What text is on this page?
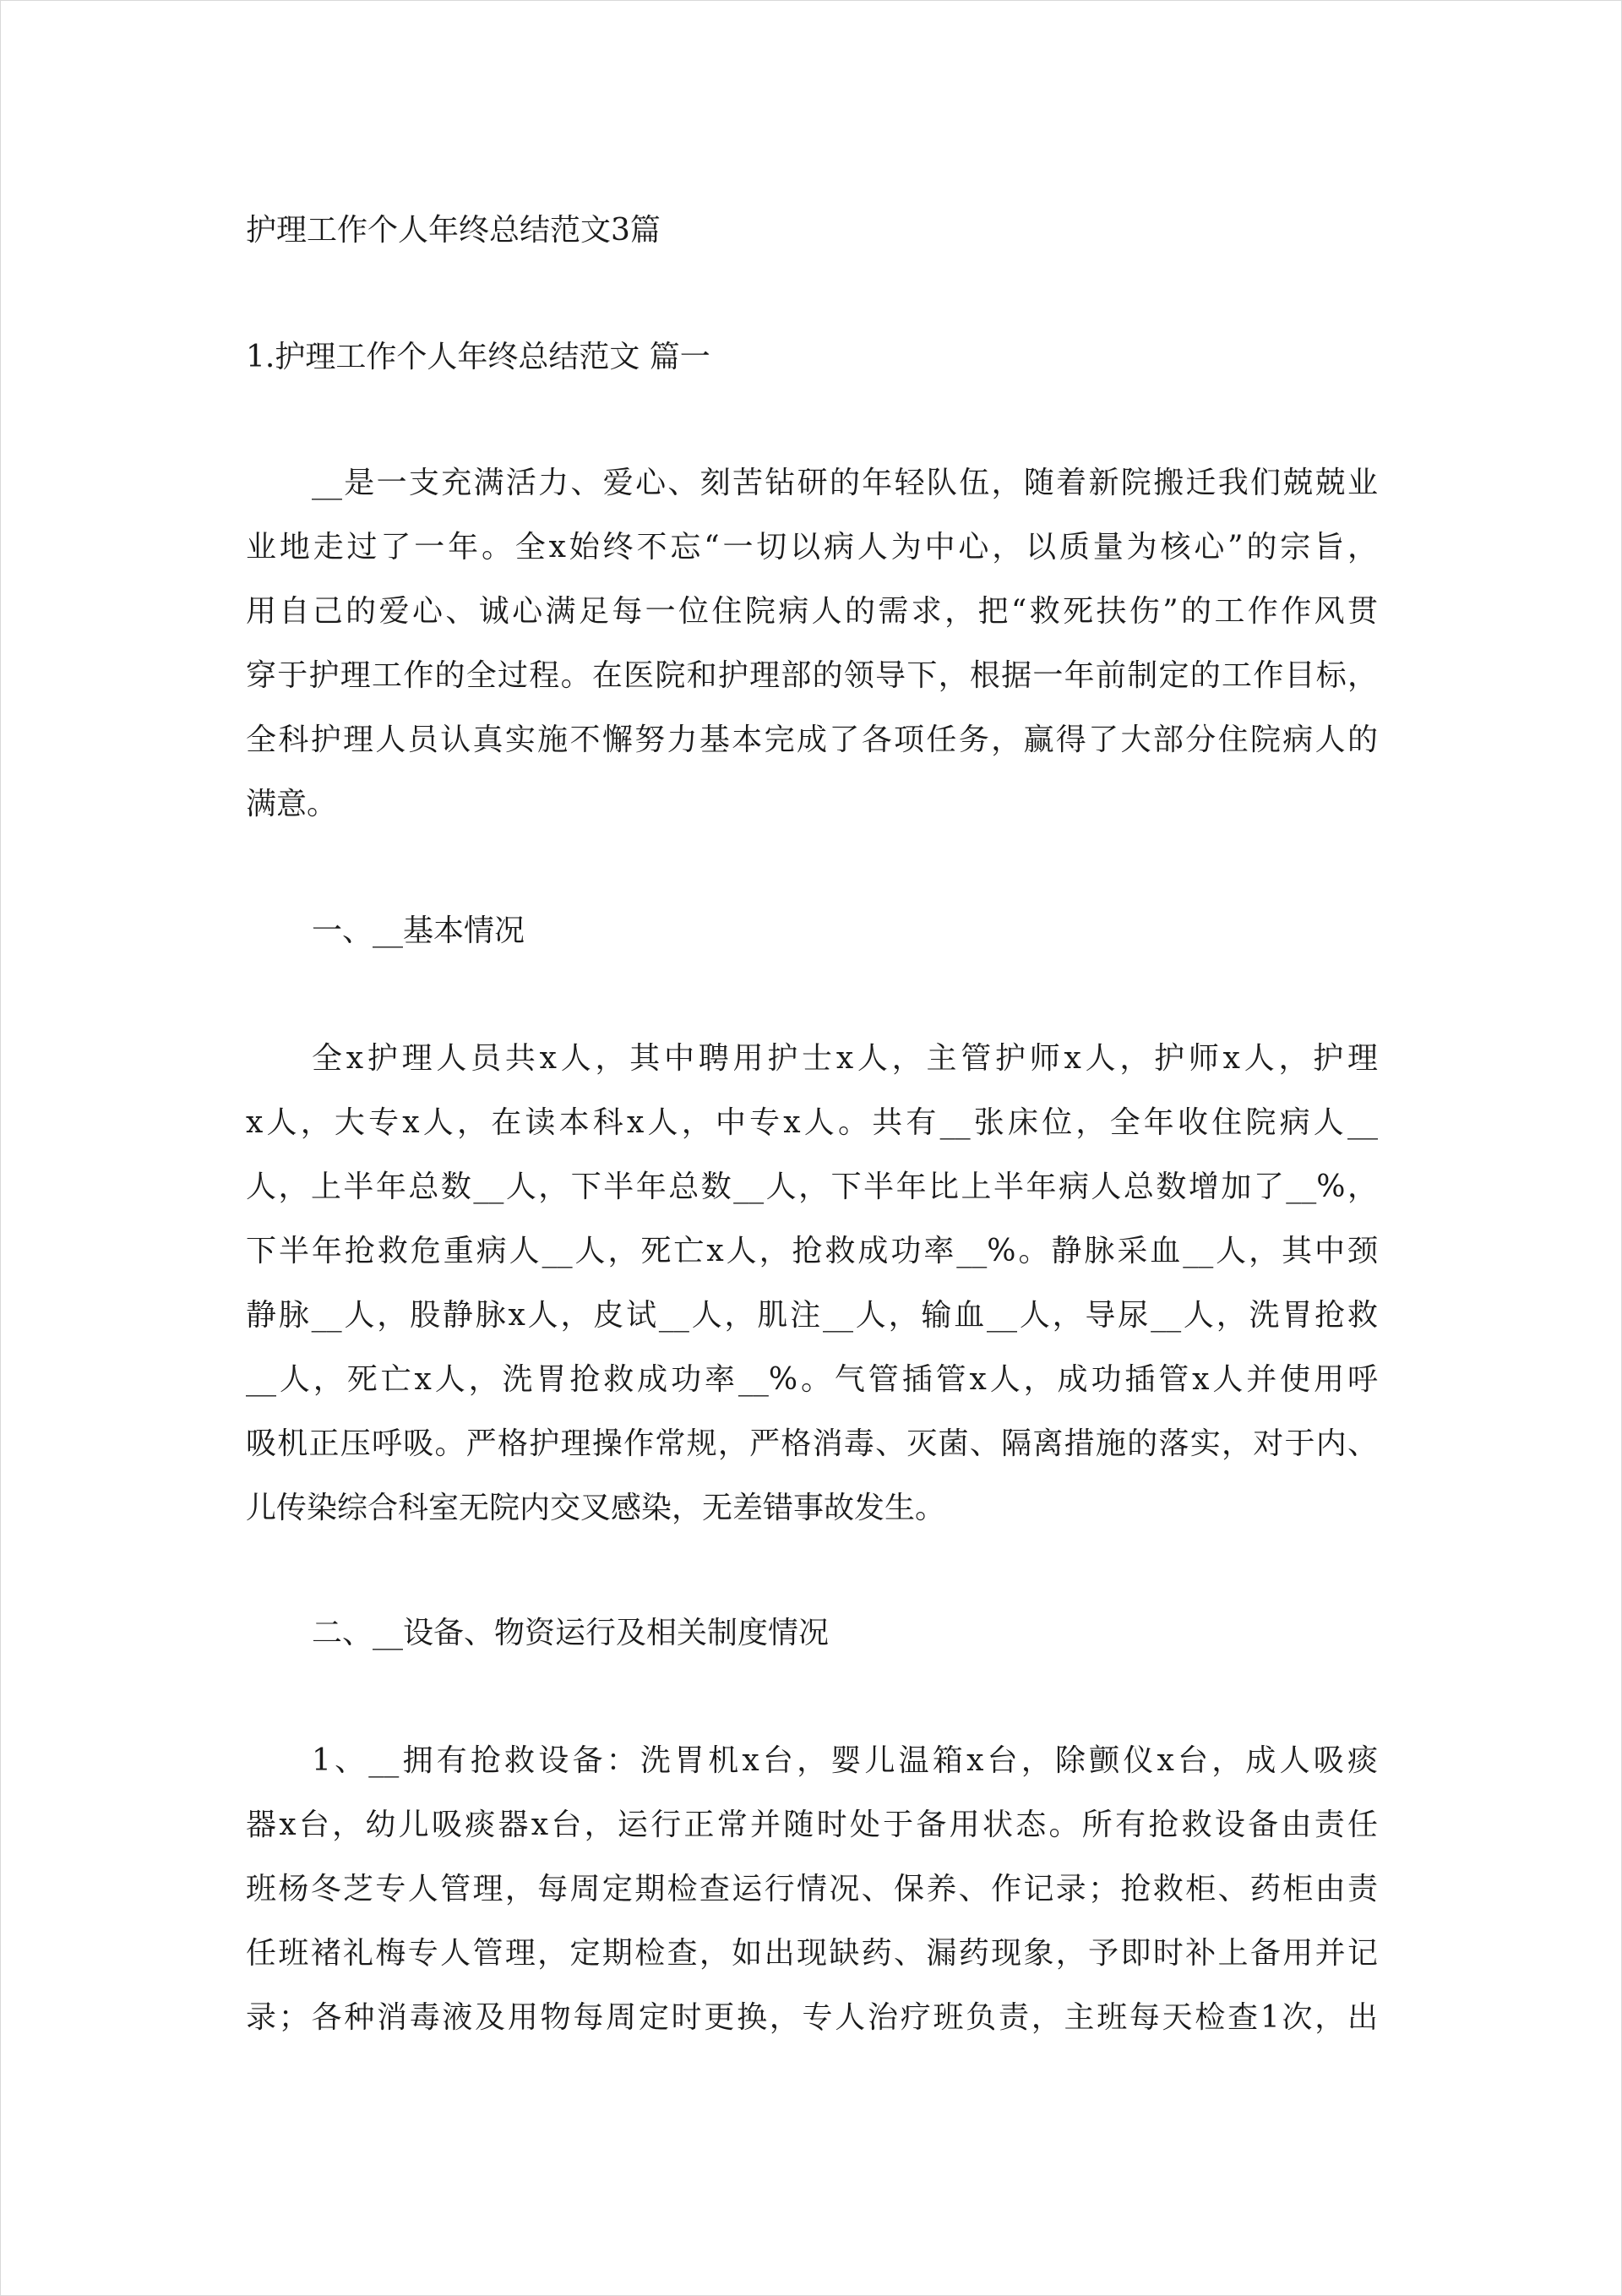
护理工作个人年终总结范文3篇
1.护理工作个人年终总结范文 篇一
__是一支充满活力、爱心、刻苦钻研的年轻队伍，随着新院搬迁我们兢兢业
业地走过了一年。全x始终不忘“一切以病人为中心，以质量为核心”的宗旨，
用自己的爱心、诚心满足每一位住院病人的需求，把“救死扶伤”的工作作风贯
穿于护理工作的全过程。在医院和护理部的领导下，根据一年前制定的工作目标，
全科护理人员认真实施不懈努力基本完成了各项任务，赢得了大部分住院病人的
满意。
一、__基本情况
全x护理人员共x人，其中聘用护士x人，主管护师x人，护师x人，护理
x人，大专x人，在读本科x人，中专x人。共有__张床位，全年收住院病人__
人，上半年总数__人，下半年总数__人，下半年比上半年病人总数增加了__%，
下半年抢救危重病人__人，死亡x人，抢救成功率__%。静脉采血__人，其中颈
静脉__人，股静脉x人，皮试__人，肌注__人，输血__人，导尿__人，洗胃抢救
__人，死亡x人，洗胃抢救成功率__%。气管插管x人，成功插管x人并使用呼
吸机正压呼吸。严格护理操作常规，严格消毒、灭菌、隔离措施的落实，对于内、
儿传染综合科室无院内交叉感染，无差错事故发生。
二、__设备、物资运行及相关制度情况
1、__拥有抢救设备：洗胃机x台，婴儿温箱x台，除颤仪x台，成人吸痰
器x台，幼儿吸痰器x台，运行正常并随时处于备用状态。所有抢救设备由责任
班杨冬芝专人管理，每周定期检查运行情况、保养、作记录；抢救柜、药柜由责
任班褚礼梅专人管理，定期检查，如出现缺药、漏药现象，予即时补上备用并记
录；各种消毒液及用物每周定时更换，专人治疗班负责，主班每天检查1次，出
